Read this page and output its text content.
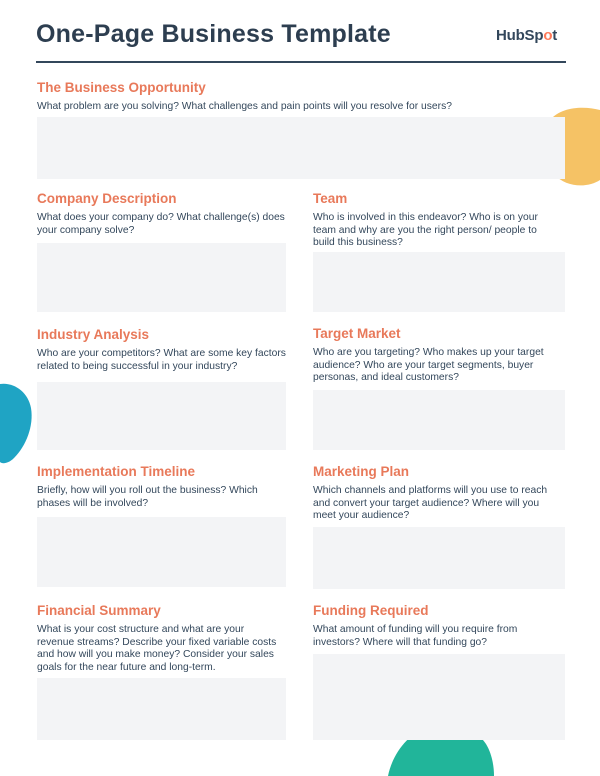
One-Page Business Template	HubSpot
The Business Opportunity
What problem are you solving? What challenges and pain points will you resolve for users?
Company Description
What does your company do? What challenge(s) does your company solve?
Team
Who is involved in this endeavor? Who is on your team and why are you the right person/ people to build this business?
Industry Analysis
Who are your competitors? What are some key factors related to being successful in your industry?
Target Market
Who are you targeting? Who makes up your target audience? Who are your target segments, buyer personas, and ideal customers?
Implementation Timeline
Briefly, how will you roll out the business? Which phases will be involved?
Marketing Plan
Which channels and platforms will you use to reach and convert your target audience? Where will you meet your audience?
Financial Summary
What is your cost structure and what are your revenue streams? Describe your fixed variable costs and how will you make money? Consider your sales goals for the near future and long-term.
Funding Required
What amount of funding will you require from investors? Where will that funding go?
